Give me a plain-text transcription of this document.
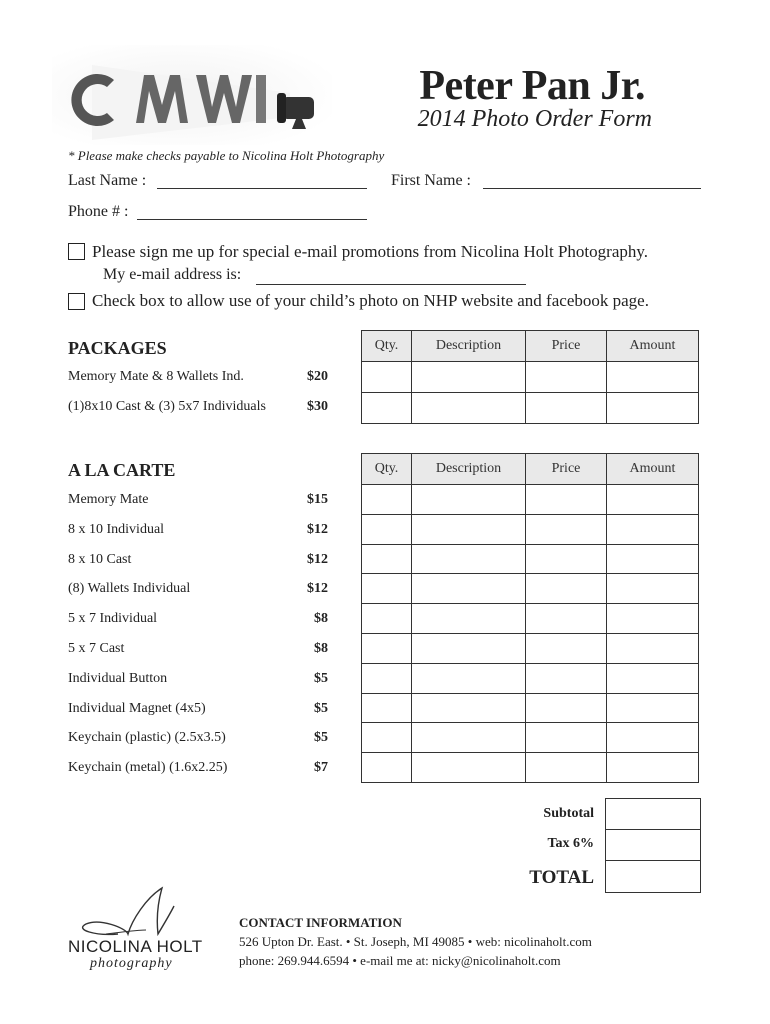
Peter Pan Jr.
2014 Photo Order Form
* Please make checks payable to Nicolina Holt Photography
Last Name :	First Name :
Phone # :
Please sign me up for special e-mail promotions from Nicolina Holt Photography.
My e-mail address is:
Check box to allow use of your child’s photo on NHP website and facebook page.
PACKAGES
Memory Mate & 8 Wallets Ind.	$20
(1)8x10 Cast & (3) 5x7 Individuals	$30
Qty.	Description	Price	Amount

A LA CARTE
Memory Mate	$15
8 x 10 Individual	$12
8 x 10 Cast	$12
(8) Wallets Individual	$12
5 x 7 Individual	$8
5 x 7 Cast	$8
Individual Button	$5
Individual Magnet (4x5)	$5
Keychain (plastic) (2.5x3.5)	$5
Keychain (metal) (1.6x2.25)	$7
Qty.	Description	Price	Amount

Subtotal
Tax 6%
TOTAL
NICOLINA HOLT
photography
CONTACT INFORMATION
526 Upton Dr. East. • St. Joseph, MI 49085 • web: nicolinaholt.com
phone: 269.944.6594 • e-mail me at: nicky@nicolinaholt.com
